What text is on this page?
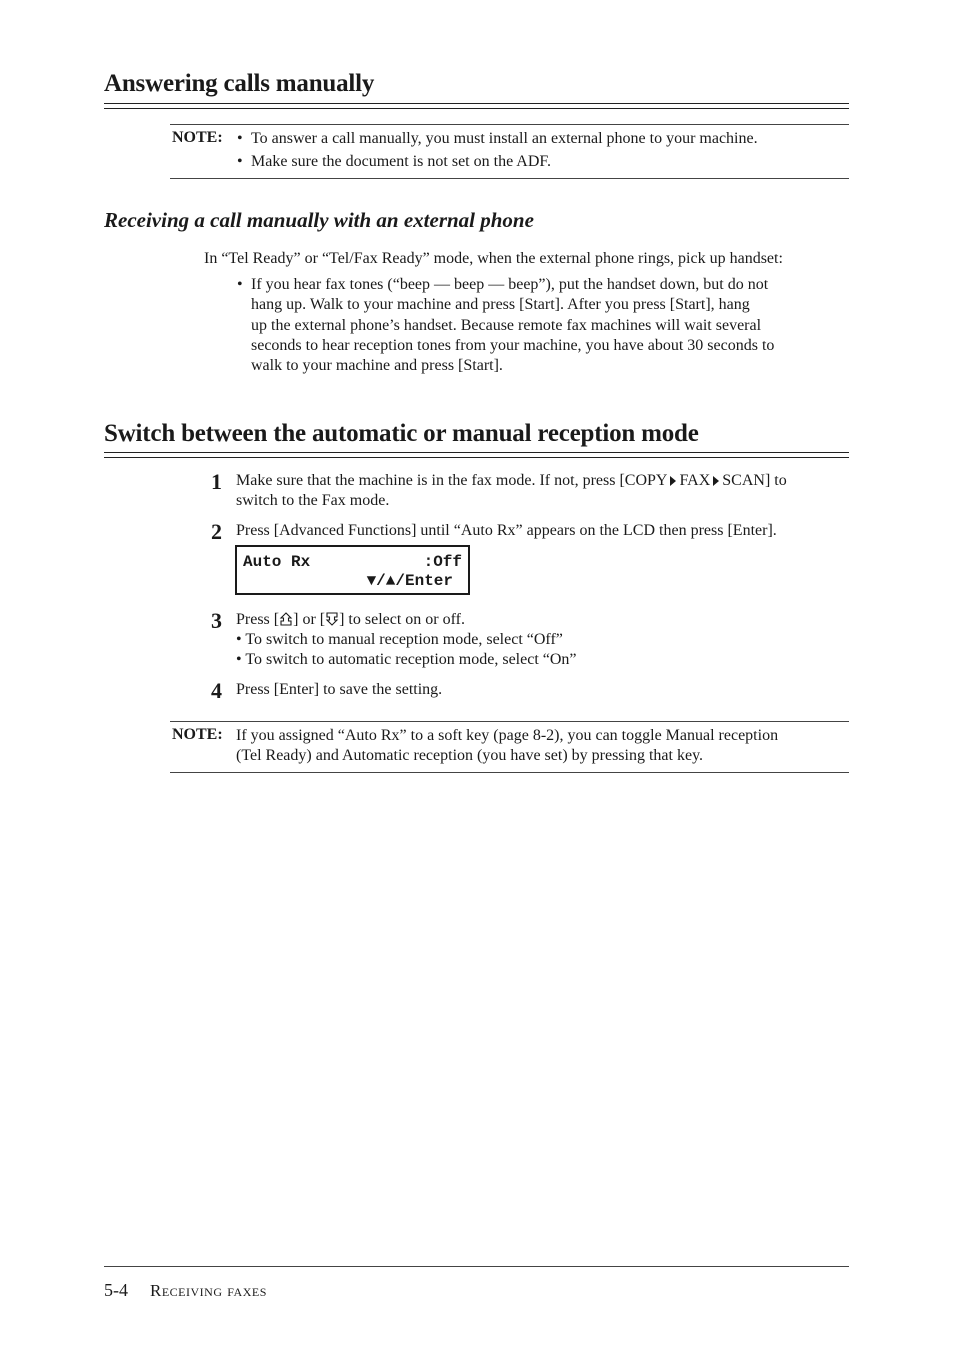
Answering calls manually
NOTE: • To answer a call manually, you must install an external phone to your machine.
• Make sure the document is not set on the ADF.
Receiving a call manually with an external phone
In “Tel Ready” or “Tel/Fax Ready” mode, when the external phone rings, pick up handset:
• If you hear fax tones (“beep — beep — beep”), put the handset down, but do not
hang up. Walk to your machine and press [Start]. After you press [Start], hang
up the external phone’s handset. Because remote fax machines will wait several
seconds to hear reception tones from your machine, you have about 30 seconds to
walk to your machine and press [Start].
Switch between the automatic or manual reception mode
1 Make sure that the machine is in the fax mode. If not, press [COPY FAX SCAN] to
switch to the Fax mode.
2 Press [Advanced Functions] until “Auto Rx” appears on the LCD then press [Enter].
Auto Rx	:Off
▼/▲/Enter
3 Press [ ] or [ ] to select on or off.
• To switch to manual reception mode, select “Off”
• To switch to automatic reception mode, select “On”
4 Press [Enter] to save the setting.
NOTE: If you assigned “Auto Rx” to a soft key (page 8-2), you can toggle Manual reception
(Tel Ready) and Automatic reception (you have set) by pressing that key.
5-4 Receiving faxes
